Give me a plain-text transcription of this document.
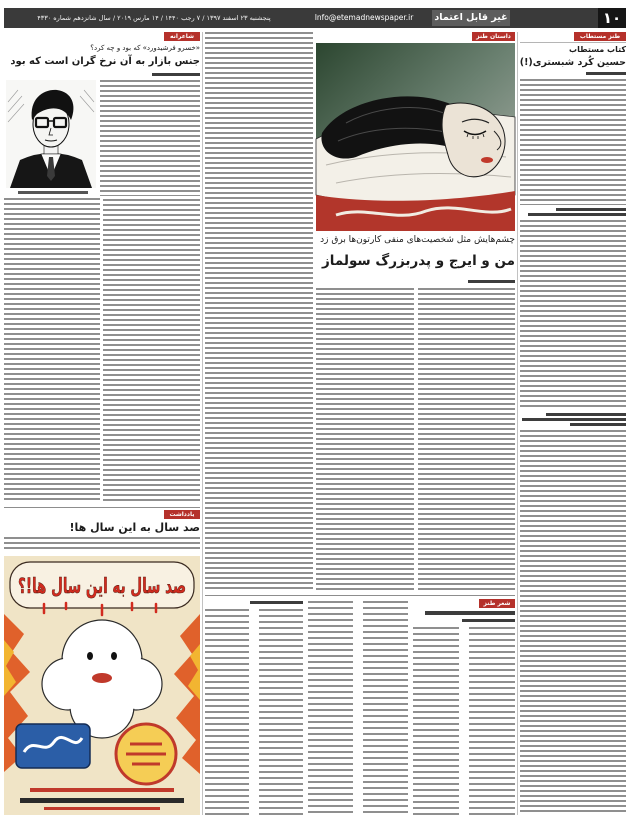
پنجشنبه ۲۳ اسفند ۱۳۹۷ / ۷ رجب ۱۴۴۰ / ۱۴ مارس ۲۰۱۹ / سال شانزدهم شماره ۴۳۳۰	Info@etemadnewspaper.ir	غیر قابل اعتماد	۱۰
طنز مستطاب
کتاب مستطاب
حسین کُرد شبستری(!)
داستان طنز
چشم‌هایش مثل شخصیت‌های منفی کارتون‌ها برق زد
من و ایرج و پدربزرگ سولماز
شعر طنز
شاعرانه
«خسرو فرشیدورد» که بود و چه کرد؟
جنس بازار به آن نرخ گران است که بود
یادداشت
صد سال به این سال ها!
صد سال به این سال ها!؟
